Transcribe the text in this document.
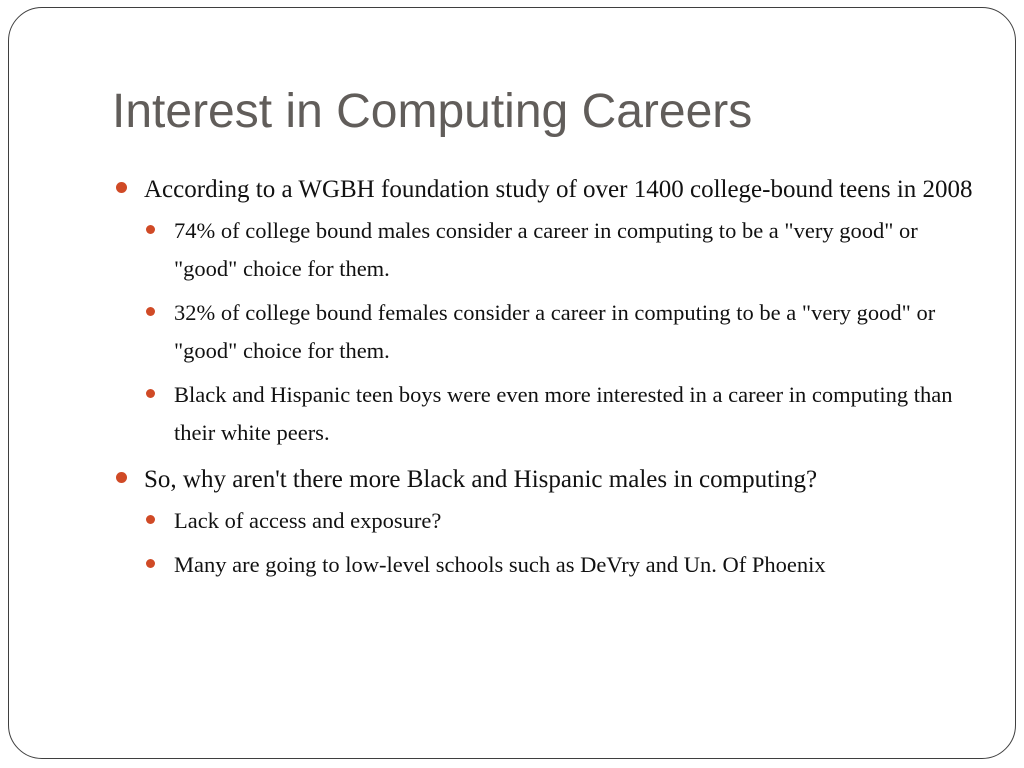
Interest in Computing Careers
According to a WGBH foundation study of over 1400 college-bound teens in 2008
74% of college bound males consider a career in computing to be a "very good" or "good" choice for them.
32% of college bound females consider a career in computing to be a "very good" or "good" choice for them.
Black and Hispanic teen boys were even more interested in a career in computing than their white peers.
So, why aren't there more Black and Hispanic males in computing?
Lack of access and exposure?
Many are going to low-level schools such as DeVry and Un. Of Phoenix
